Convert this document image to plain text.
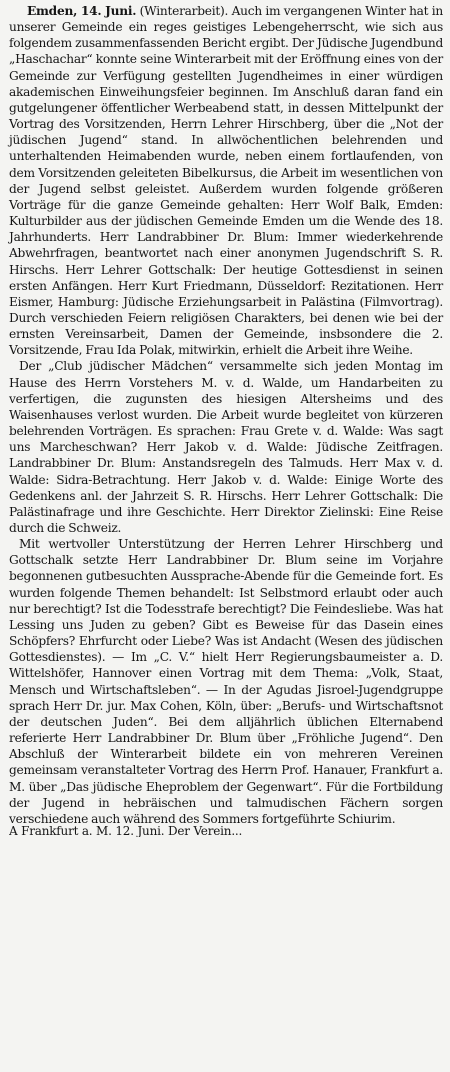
Emden, 14. Juni. (Winterarbeit). Auch im vergangenen Winter hat in unserer Gemeinde ein reges geistiges Lebengeherrscht, wie sich aus folgendem zusammenfassenden Bericht ergibt. Der Jüdische Jugendbund „Haschachar“ konnte seine Winterarbeit mit der Eröffnung eines von der Gemeinde zur Verfügung gestellten Jugendheimes in einer würdigen akademischen Einweihungsfeier beginnen. Im Anschluß daran fand ein gutgelungener öffentlicher Werbeabend statt, in dessen Mittelpunkt der Vortrag des Vorsitzenden, Herrn Lehrer Hirschberg, über die „Not der jüdischen Jugend“ stand. In allwöchentlichen belehrenden und unterhaltenden Heimabenden wurde, neben einem fortlaufenden, von dem Vorsitzenden geleiteten Bibelkursus, die Arbeit im wesentlichen von der Jugend selbst geleistet. Außerdem wurden folgende größeren Vorträge für die ganze Gemeinde gehalten: Herr Wolf Balk, Emden: Kulturbilder aus der jüdischen Gemeinde Emden um die Wende des 18. Jahrhunderts. Herr Landrabbiner Dr. Blum: Immer wiederkehrende Abwehrfragen, beantwortet nach einer anonymen Jugendschrift S. R. Hirschs. Herr Lehrer Gottschalk: Der heutige Gottesdienst in seinen ersten Anfängen. Herr Kurt Friedmann, Düsseldorf: Rezitationen. Herr Eismer, Hamburg: Jüdische Erziehungsarbeit in Palästina (Filmvortrag). Durch verschieden Feiern religiösen Charakters, bei denen wie bei der ernsten Vereinsarbeit, Damen der Gemeinde, insbsondere die 2. Vorsitzende, Frau Ida Polak, mitwirkin, erhielt die Arbeit ihre Weihe.

Der „Club jüdischer Mädchen“ versammelte sich jeden Montag im Hause des Herrn Vorstehers M. v. d. Walde, um Handarbeiten zu verfertigen, die zugunsten des hiesigen Altersheims und des Waisenhauses verlost wurden. Die Arbeit wurde begleitet von kürzeren belehrenden Vorträgen. Es sprachen: Frau Grete v. d. Walde: Was sagt uns Marcheschwan? Herr Jakob v. d. Walde: Jüdische Zeitfragen. Landrabbiner Dr. Blum: Anstandsregeln des Talmuds. Herr Max v. d. Walde: Sidra-Betrachtung. Herr Jakob v. d. Walde: Einige Worte des Gedenkens anl. der Jahrzeit S. R. Hirschs. Herr Lehrer Gottschalk: Die Palästinafrage und ihre Geschichte. Herr Direktor Zielinski: Eine Reise durch die Schweiz.

Mit wertvoller Unterstützung der Herren Lehrer Hirschberg und Gottschalk setzte Herr Landrabbiner Dr. Blum seine im Vorjahre begonnenen gutbesuchten Aussprache-Abende für die Gemeinde fort. Es wurden folgende Themen behandelt: Ist Selbstmord erlaubt oder auch nur berechtigt? Ist die Todesstrafe berechtigt? Die Feindesliebe. Was hat Lessing uns Juden zu geben? Gibt es Beweise für das Dasein eines Schöpfers? Ehrfurcht oder Liebe? Was ist Andacht (Wesen des jüdischen Gottesdienstes). — Im „C. V.“ hielt Herr Regierungsbaumeister a. D. Wittelshöfer, Hannover einen Vortrag mit dem Thema: „Volk, Staat, Mensch und Wirtschaftsleben“. — In der Agudas Jisroel-Jugendgruppe sprach Herr Dr. jur. Max Cohen, Köln, über: „Berufs- und Wirtschaftsnot der deutschen Juden“. Bei dem alljährlich üblichen Elternabend referierte Herr Landrabbiner Dr. Blum über „Fröhliche Jugend“. Den Abschluß der Winterarbeit bildete ein von mehreren Vereinen gemeinsam veranstalteter Vortrag des Herrn Prof. Hanauer, Frankfurt a. M. über „Das jüdische Eheproblem der Gegenwart“. Für die Fortbildung der Jugend in hebräischen und talmudischen Fächern sorgen verschiedene auch während des Sommers fortgeführte Schiurim.

A Frankfurt a. M. 12. Juni. Der Verein...
